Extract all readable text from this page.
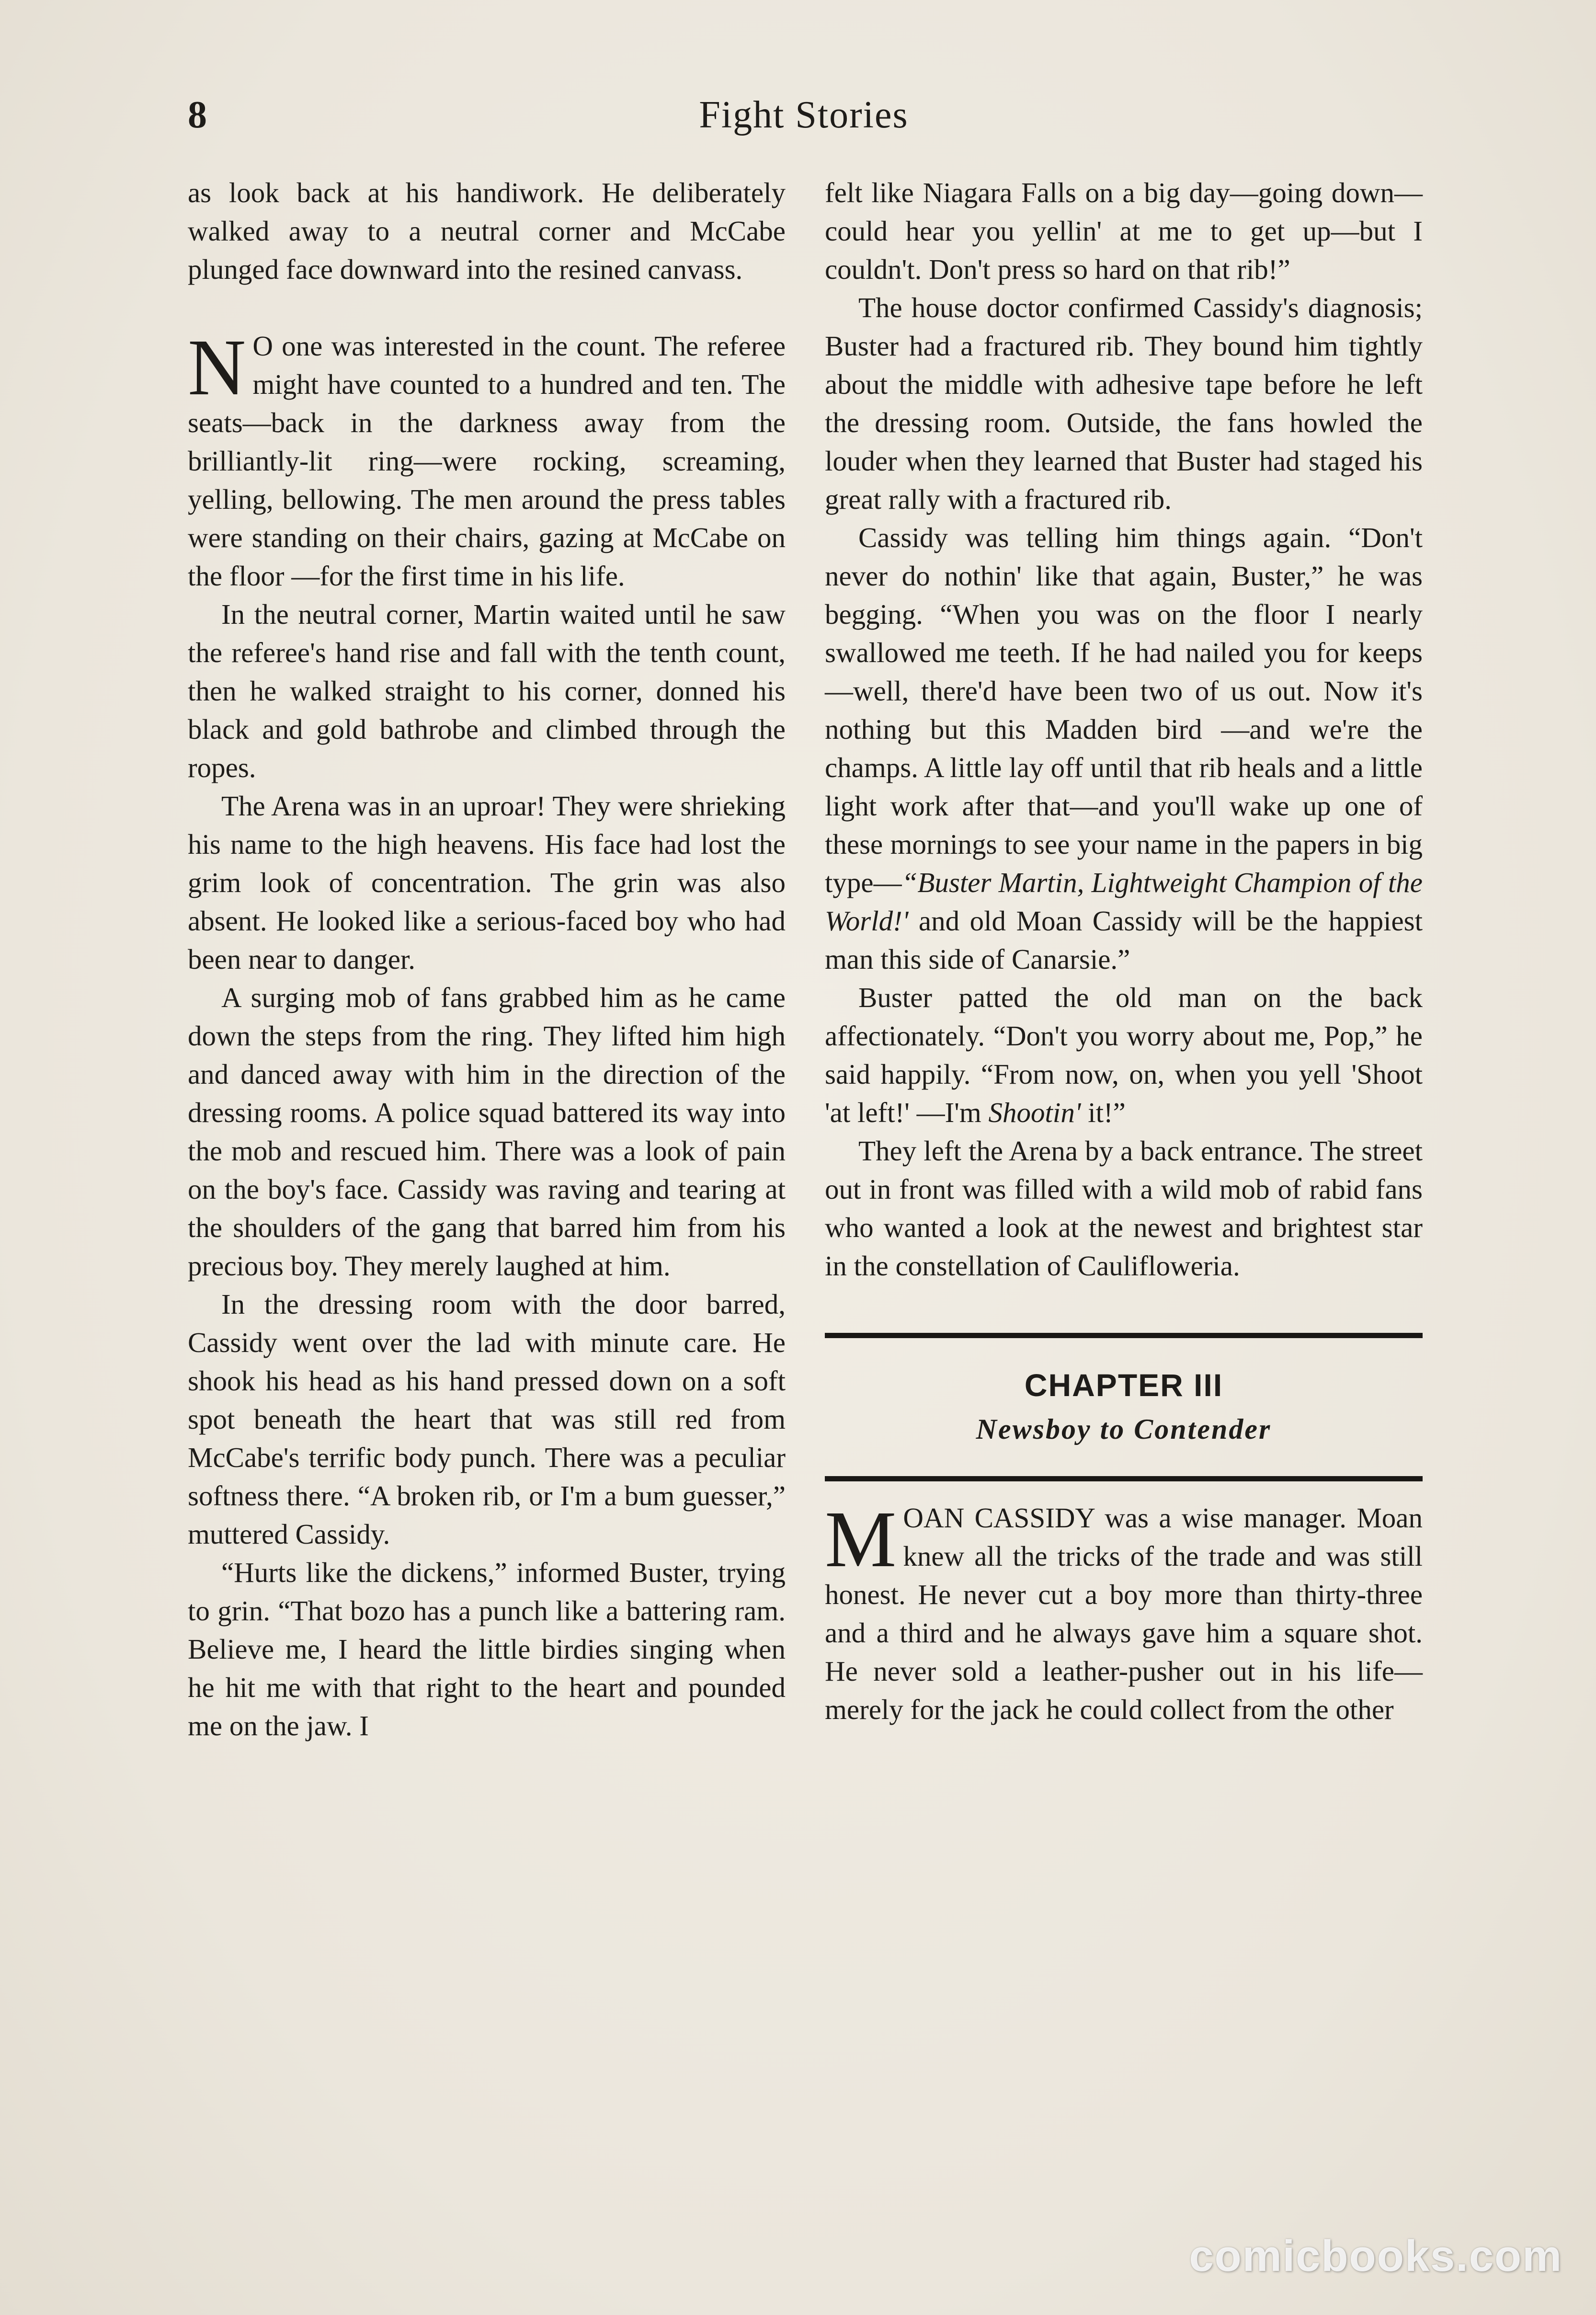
8	Fight Stories

as look back at his handiwork. He deliberately walked away to a neutral corner and McCabe plunged face downward into the resined canvass.

N O one was interested in the count. The referee might have counted to a hundred and ten. The seats—back in the darkness away from the brilliantly-lit ring—were rocking, screaming, yelling, bellowing. The men around the press tables were standing on their chairs, gazing at McCabe on the floor —for the first time in his life.

In the neutral corner, Martin waited until he saw the referee's hand rise and fall with the tenth count, then he walked straight to his corner, donned his black and gold bathrobe and climbed through the ropes.

The Arena was in an uproar! They were shrieking his name to the high heavens. His face had lost the grim look of concentration. The grin was also absent. He looked like a serious-faced boy who had been near to danger.

A surging mob of fans grabbed him as he came down the steps from the ring. They lifted him high and danced away with him in the direction of the dressing rooms. A police squad battered its way into the mob and rescued him. There was a look of pain on the boy's face. Cassidy was raving and tearing at the shoulders of the gang that barred him from his precious boy. They merely laughed at him.

In the dressing room with the door barred, Cassidy went over the lad with minute care. He shook his head as his hand pressed down on a soft spot beneath the heart that was still red from McCabe's terrific body punch. There was a peculiar softness there. “A broken rib, or I'm a bum guesser,” muttered Cassidy.

“Hurts like the dickens,” informed Buster, trying to grin. “That bozo has a punch like a battering ram. Believe me, I heard the little birdies singing when he hit me with that right to the heart and pounded me on the jaw. I

felt like Niagara Falls on a big day—going down—could hear you yellin' at me to get up—but I couldn't. Don't press so hard on that rib!”

The house doctor confirmed Cassidy's diagnosis; Buster had a fractured rib. They bound him tightly about the middle with adhesive tape before he left the dressing room. Outside, the fans howled the louder when they learned that Buster had staged his great rally with a fractured rib.

Cassidy was telling him things again. “Don't never do nothin' like that again, Buster,” he was begging. “When you was on the floor I nearly swallowed me teeth. If he had nailed you for keeps —well, there'd have been two of us out. Now it's nothing but this Madden bird —and we're the champs. A little lay off until that rib heals and a little light work after that—and you'll wake up one of these mornings to see your name in the papers in big type—“Buster Martin, Lightweight Champion of the World!' and old Moan Cassidy will be the happiest man this side of Canarsie.”

Buster patted the old man on the back affectionately. “Don't you worry about me, Pop,” he said happily. “From now, on, when you yell 'Shoot 'at left!' —I'm Shootin' it!”

They left the Arena by a back entrance. The street out in front was filled with a wild mob of rabid fans who wanted a look at the newest and brightest star in the constellation of Caulifloweria.

CHAPTER III
Newsboy to Contender

MOAN CASSIDY was a wise manager. Moan knew all the tricks of the trade and was still honest. He never cut a boy more than thirty-three and a third and he always gave him a square shot. He never sold a leather-pusher out in his life—merely for the jack he could collect from the other

comicbooks.com
